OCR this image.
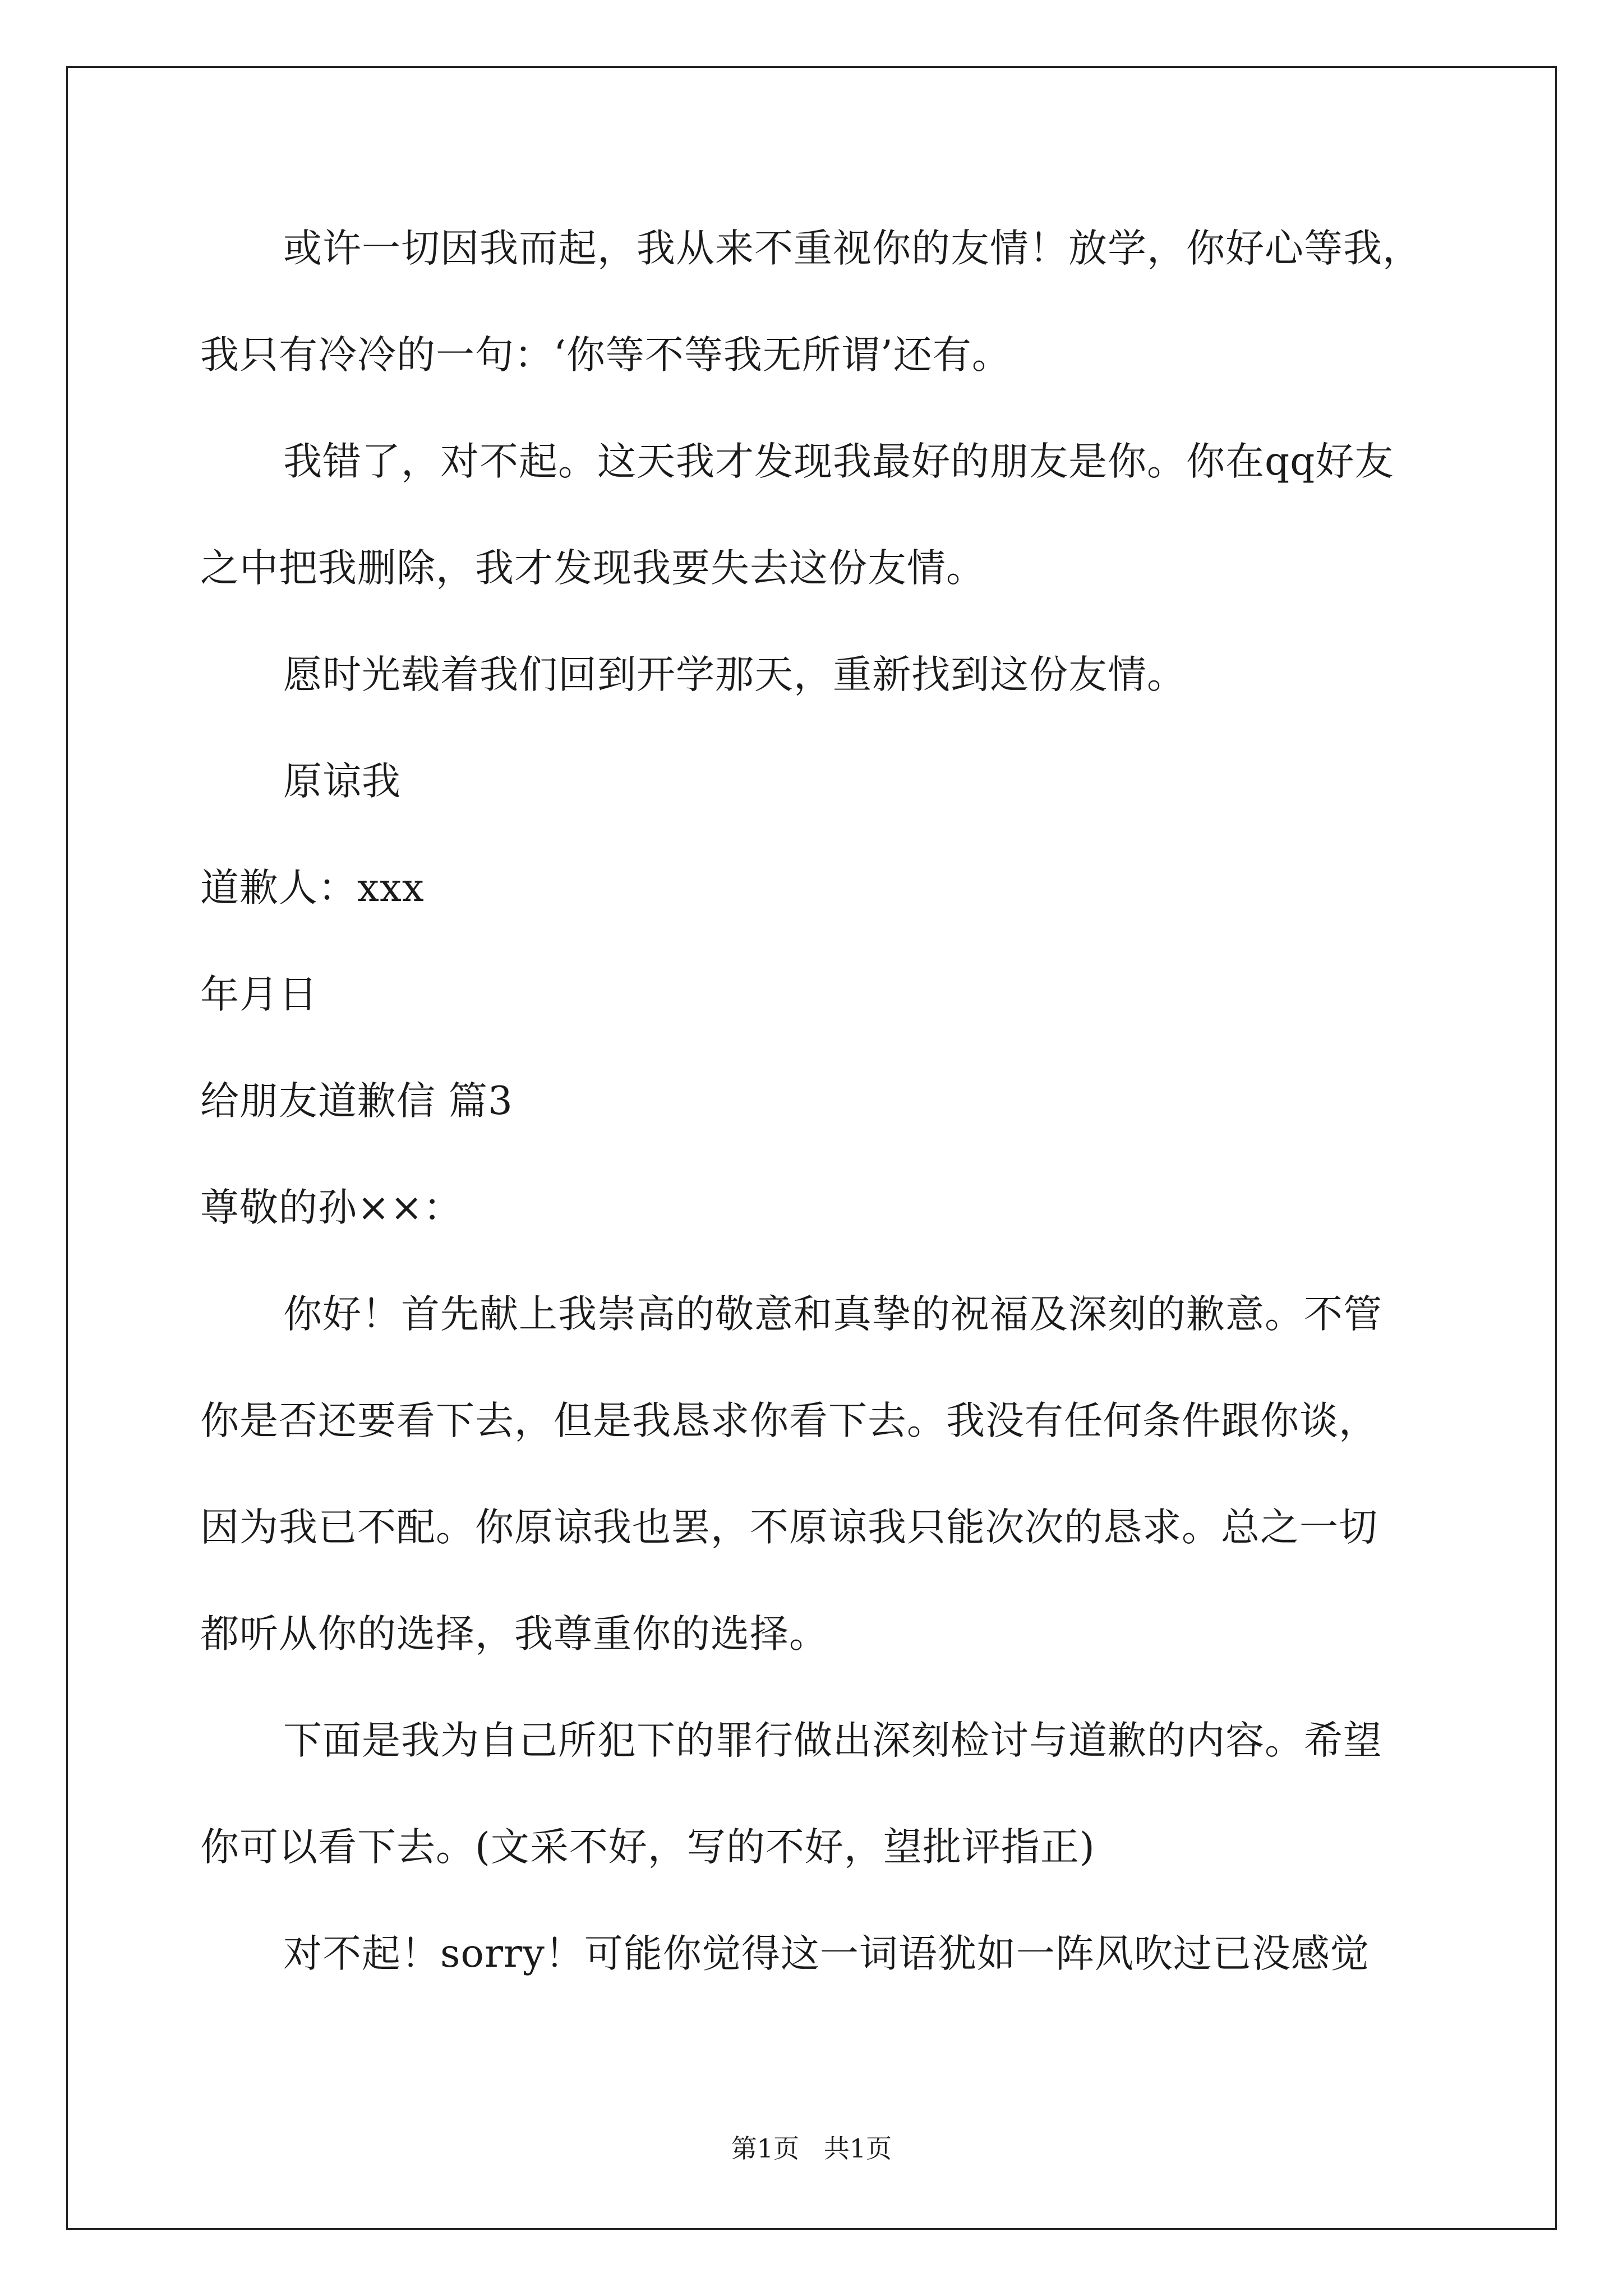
或许一切因我而起，我从来不重视你的友情！放学，你好心等我，
我只有冷冷的一句：‘你等不等我无所谓’还有。
我错了，对不起。这天我才发现我最好的朋友是你。你在qq好友
之中把我删除，我才发现我要失去这份友情。
愿时光载着我们回到开学那天，重新找到这份友情。
原谅我
道歉人：xxx
年月日
给朋友道歉信 篇3
尊敬的孙××：
你好！首先献上我崇高的敬意和真挚的祝福及深刻的歉意。不管
你是否还要看下去，但是我恳求你看下去。我没有任何条件跟你谈，
因为我已不配。你原谅我也罢，不原谅我只能次次的恳求。总之一切
都听从你的选择，我尊重你的选择。
下面是我为自己所犯下的罪行做出深刻检讨与道歉的内容。希望
你可以看下去。(文采不好，写的不好，望批评指正)
对不起！sorry！可能你觉得这一词语犹如一阵风吹过已没感觉
第1页   共1页
